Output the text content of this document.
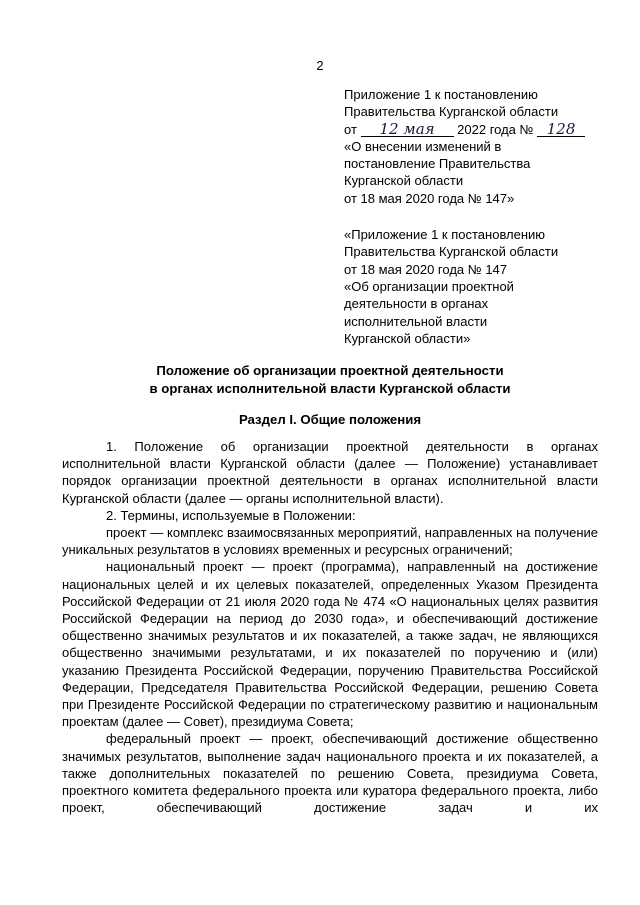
2

Приложение 1 к постановлению

Правительства Курганской области

от 12 мая 2022 года № 128

«О внесении изменений в

постановление Правительства

Курганской области

от 18 мая 2020 года № 147»

«Приложение 1 к постановлению

Правительства Курганской области

от 18 мая 2020 года № 147

«Об организации проектной

деятельности в органах

исполнительной власти

Курганской области»

Положение об организации проектной деятельности

в органах исполнительной власти Курганской области

Раздел I. Общие положения

1. Положение об организации проектной деятельности в органах исполнительной власти Курганской области (далее — Положение) устанавливает порядок организации проектной деятельности в органах исполнительной власти Курганской области (далее — органы исполнительной власти).

2. Термины, используемые в Положении:

проект — комплекс взаимосвязанных мероприятий, направленных на получение уникальных результатов в условиях временных и ресурсных ограничений;

национальный проект — проект (программа), направленный на достижение национальных целей и их целевых показателей, определенных Указом Президента Российской Федерации от 21 июля 2020 года № 474 «О национальных целях развития Российской Федерации на период до 2030 года», и обеспечивающий достижение общественно значимых результатов и их показателей, а также задач, не являющихся общественно значимыми результатами, и их показателей по поручению и (или) указанию Президента Российской Федерации, поручению Правительства Российской Федерации, Председателя Правительства Российской Федерации, решению Совета при Президенте Российской Федерации по стратегическому развитию и национальным проектам (далее — Совет), президиума Совета;

федеральный проект — проект, обеспечивающий достижение общественно значимых результатов, выполнение задач национального проекта и их показателей, а также дополнительных показателей по решению Совета, президиума Совета, проектного комитета федерального проекта или куратора федерального проекта, либо проект, обеспечивающий достижение задач и их
